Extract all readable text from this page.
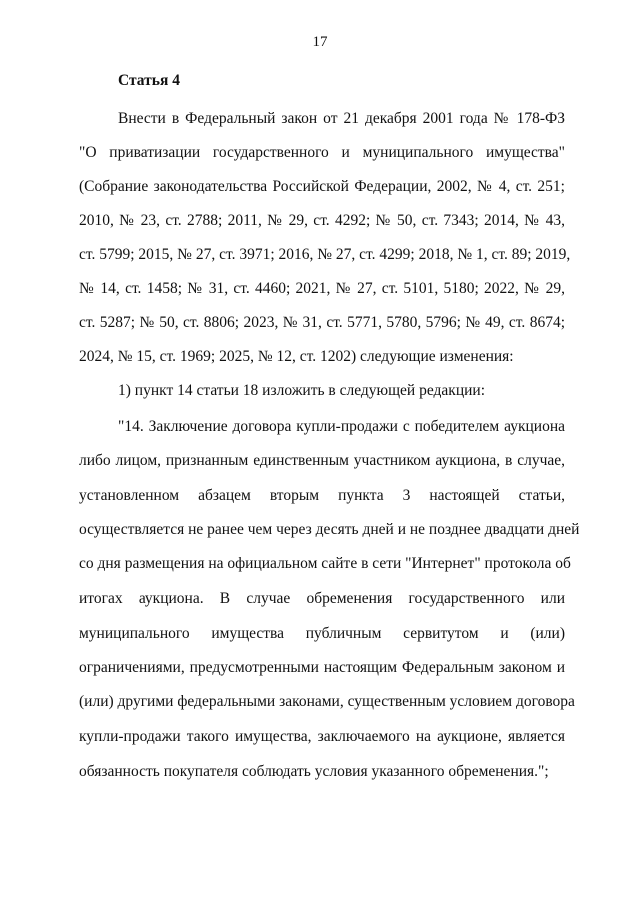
17
Статья 4
Внести в Федеральный закон от 21 декабря 2001 года № 178-ФЗ
"О приватизации государственного и муниципального имущества"
(Собрание законодательства Российской Федерации, 2002, № 4, ст. 251;
2010, № 23, ст. 2788; 2011, № 29, ст. 4292; № 50, ст. 7343; 2014, № 43,
ст. 5799; 2015, № 27, ст. 3971; 2016, № 27, ст. 4299; 2018, № 1, ст. 89; 2019,
№ 14, ст. 1458; № 31, ст. 4460; 2021, № 27, ст. 5101, 5180; 2022, № 29,
ст. 5287; № 50, ст. 8806; 2023, № 31, ст. 5771, 5780, 5796; № 49, ст. 8674;
2024, № 15, ст. 1969; 2025, № 12, ст. 1202) следующие изменения:
1) пункт 14 статьи 18 изложить в следующей редакции:
"14. Заключение договора купли-продажи с победителем аукциона
либо лицом, признанным единственным участником аукциона, в случае,
установленном абзацем вторым пункта 3 настоящей статьи,
осуществляется не ранее чем через десять дней и не позднее двадцати дней
со дня размещения на официальном сайте в сети "Интернет" протокола об
итогах аукциона. В случае обременения государственного или
муниципального имущества публичным сервитутом и (или)
ограничениями, предусмотренными настоящим Федеральным законом и
(или) другими федеральными законами, существенным условием договора
купли-продажи такого имущества, заключаемого на аукционе, является
обязанность покупателя соблюдать условия указанного обременения.";
